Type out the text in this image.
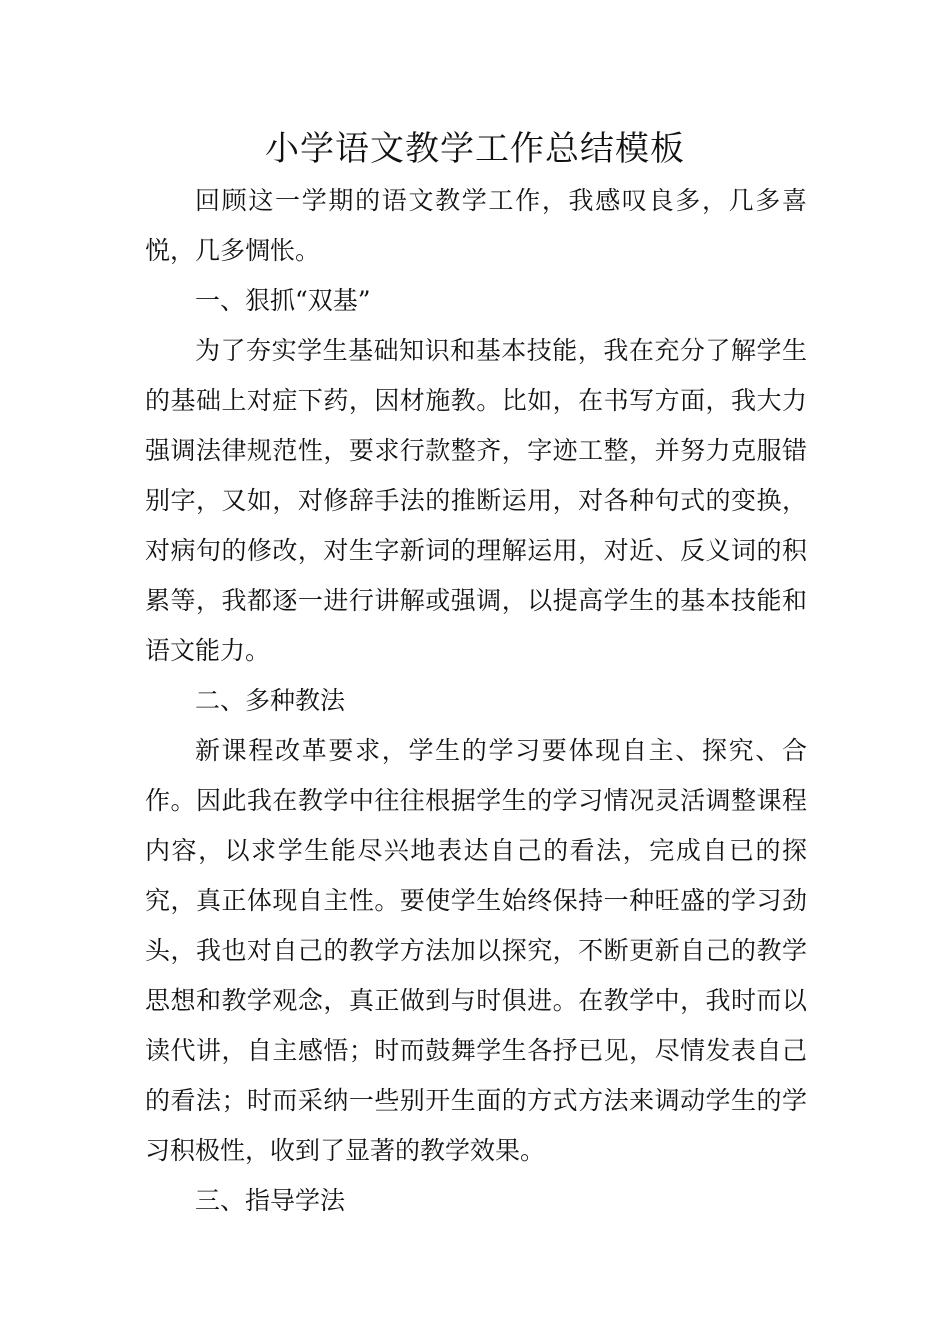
小学语文教学工作总结模板

回顾这一学期的语文教学工作，我感叹良多，几多喜悦，几多惆怅。

一、狠抓“双基”

为了夯实学生基础知识和基本技能，我在充分了解学生的基础上对症下药，因材施教。比如，在书写方面，我大力强调法律规范性，要求行款整齐，字迹工整，并努力克服错别字，又如，对修辞手法的推断运用，对各种句式的变换，对病句的修改，对生字新词的理解运用，对近、反义词的积累等，我都逐一进行讲解或强调，以提高学生的基本技能和语文能力。

二、多种教法

新课程改革要求，学生的学习要体现自主、探究、合作。因此我在教学中往往根据学生的学习情况灵活调整课程内容，以求学生能尽兴地表达自己的看法，完成自已的探究，真正体现自主性。要使学生始终保持一种旺盛的学习劲头，我也对自己的教学方法加以探究，不断更新自己的教学思想和教学观念，真正做到与时俱进。在教学中，我时而以读代讲，自主感悟；时而鼓舞学生各抒已见，尽情发表自己的看法；时而采纳一些别开生面的方式方法来调动学生的学习积极性，收到了显著的教学效果。

三、指导学法
